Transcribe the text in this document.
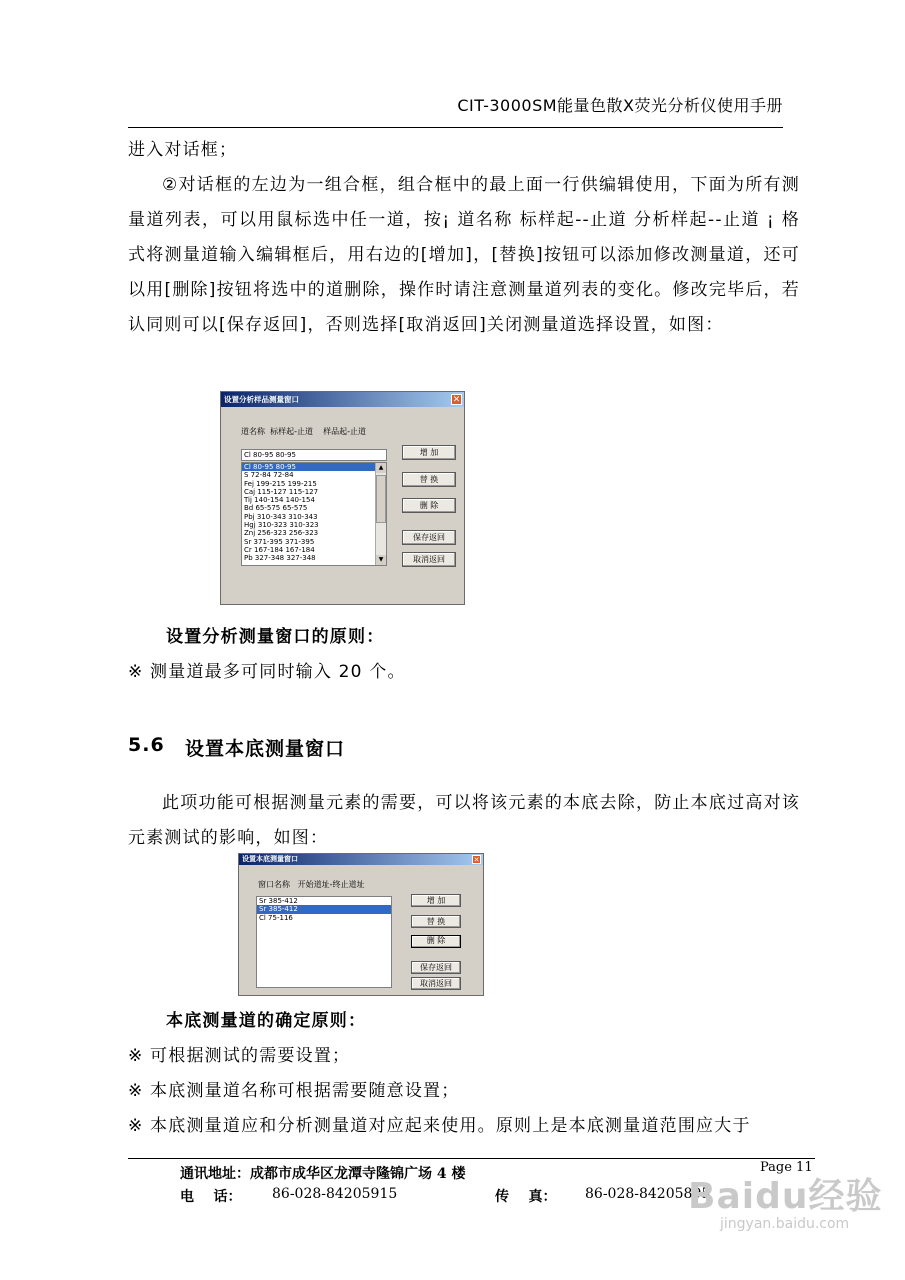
CIT-3000SM能量色散X荧光分析仪使用手册
进入对话框；
②对话框的左边为一组合框，组合框中的最上面一行供编辑使用，下面为所有测量道列表，可以用鼠标选中任一道，按¡ 道名称 标样起--止道 分析样起--止道 ¡ 格式将测量道输入编辑框后，用右边的[增加]，[替换]按钮可以添加修改测量道，还可以用[删除]按钮将选中的道删除，操作时请注意测量道列表的变化。修改完毕后，若认同则可以[保存返回]，否则选择[取消返回]关闭测量道选择设置，如图：
设置分析样品测量窗口	✕
道名称  标样起-止道    样品起-止道
Cl 80-95 80-95
Cl 80-95 80-95
S 72-84 72-84
Fej 199-215 199-215
Caj 115-127 115-127
Tij 140-154 140-154
Bd 65-575 65-575
Pbj 310-343 310-343
Hgj 310-323 310-323
Znj 256-323 256-323
Sr 371-395 371-395
Cr 167-184 167-184
Pb 327-348 327-348
▲
▼
增 加
替 换
删 除
保存返回
取消返回
设置分析测量窗口的原则：
※ 测量道最多可同时输入 20 个。
5.6 设置本底测量窗口
此项功能可根据测量元素的需要，可以将该元素的本底去除，防止本底过高对该元素测试的影响，如图：
设置本底测量窗口	✕
窗口名称   开始道址-终止道址
Sr 385-412
Sr 385-412
Cl 75-116
增 加
替 换
删 除
保存返回
取消返回
本底测量道的确定原则：
※ 可根据测试的需要设置；
※ 本底测量道名称可根据需要随意设置；
※ 本底测量道应和分析测量道对应起来使用。原则上是本底测量道范围应大于
通讯地址：成都市成华区龙潭寺隆锦广场 4 楼	Page 11
电    话： 86-028-84205915	传    真： 86-028-84205895
Baidu经验
jingyan.baidu.com
